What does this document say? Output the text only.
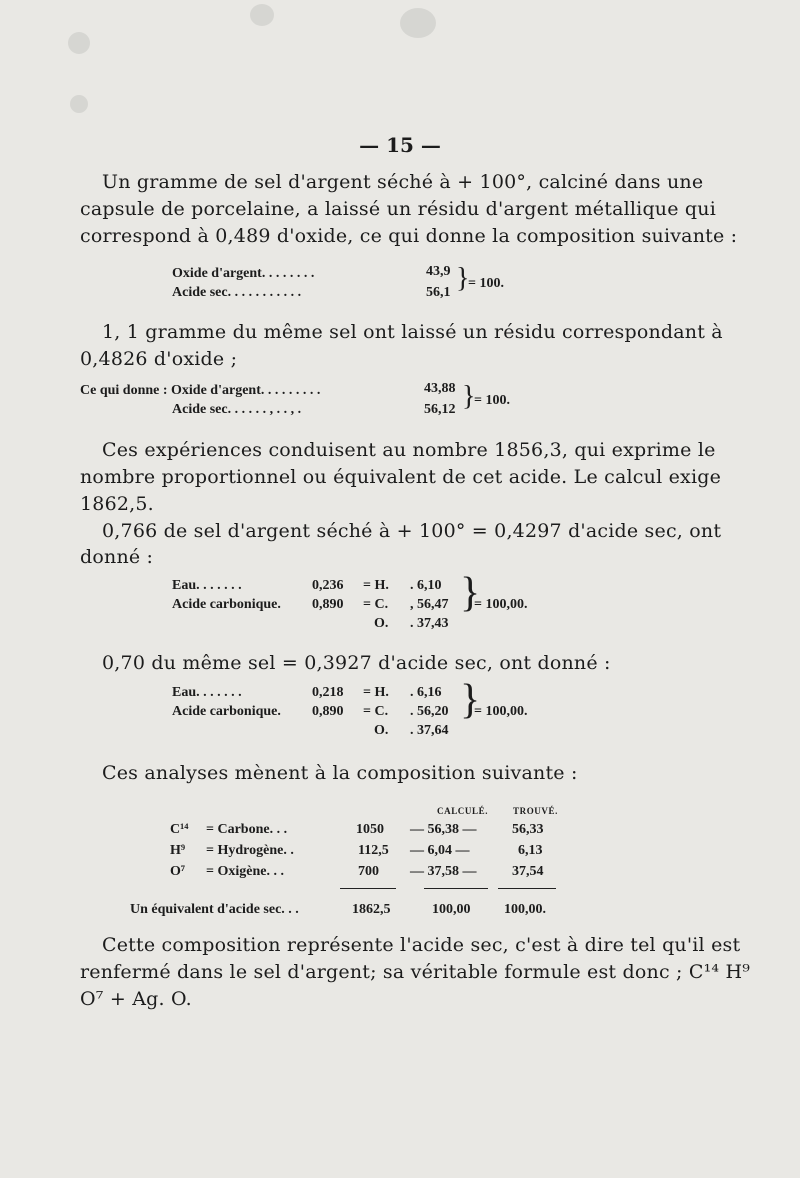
— 15 —
Un gramme de sel d'argent séché à + 100°, calciné dans une
capsule de porcelaine, a laissé un résidu d'argent métallique qui
correspond à 0,489 d'oxide, ce qui donne la composition suivante :
Oxide d'argent. . . . . . . .	43,9
Acide sec. . . . . . . . . . .	56,1 }
= 100.
1, 1 gramme du même sel ont laissé un résidu correspondant à
0,4826 d'oxide ;
Ce qui donne : Oxide d'argent. . . . . . . . .	43,88
Acide sec. . . . . . , . . , .	56,12 }
= 100.
Ces expériences conduisent au nombre 1856,3, qui exprime le
nombre proportionnel ou équivalent de cet acide. Le calcul exige
1862,5.
0,766 de sel d'argent séché à + 100° = 0,4297 d'acide sec, ont
donné :
Eau. . . . . . .	0,236 = H. . 6,10
Acide carbonique. 0,890 = C. , 56,47
O. . 37,43
}
= 100,00.
0,70 du même sel = 0,3927 d'acide sec, ont donné :
Eau. . . . . . .	0,218 = H. . 6,16
Acide carbonique. 0,890 = C. . 56,20
O. . 37,64
}
= 100,00.
Ces analyses mènent à la composition suivante :
CALCULÉ.	TROUVÉ.
C¹⁴ = Carbone. . .	1050 — 56,38 —	56,33
H⁹ = Hydrogène. .	112,5 — 6,04 —	6,13
O⁷ = Oxigène. . .	700 — 37,58 —	37,54
Un équivalent d'acide sec. . .	1862,5	100,00 100,00.
Cette composition représente l'acide sec, c'est à dire tel qu'il est
renfermé dans le sel d'argent; sa véritable formule est donc ; C¹⁴ H⁹
O⁷ + Ag. O.
